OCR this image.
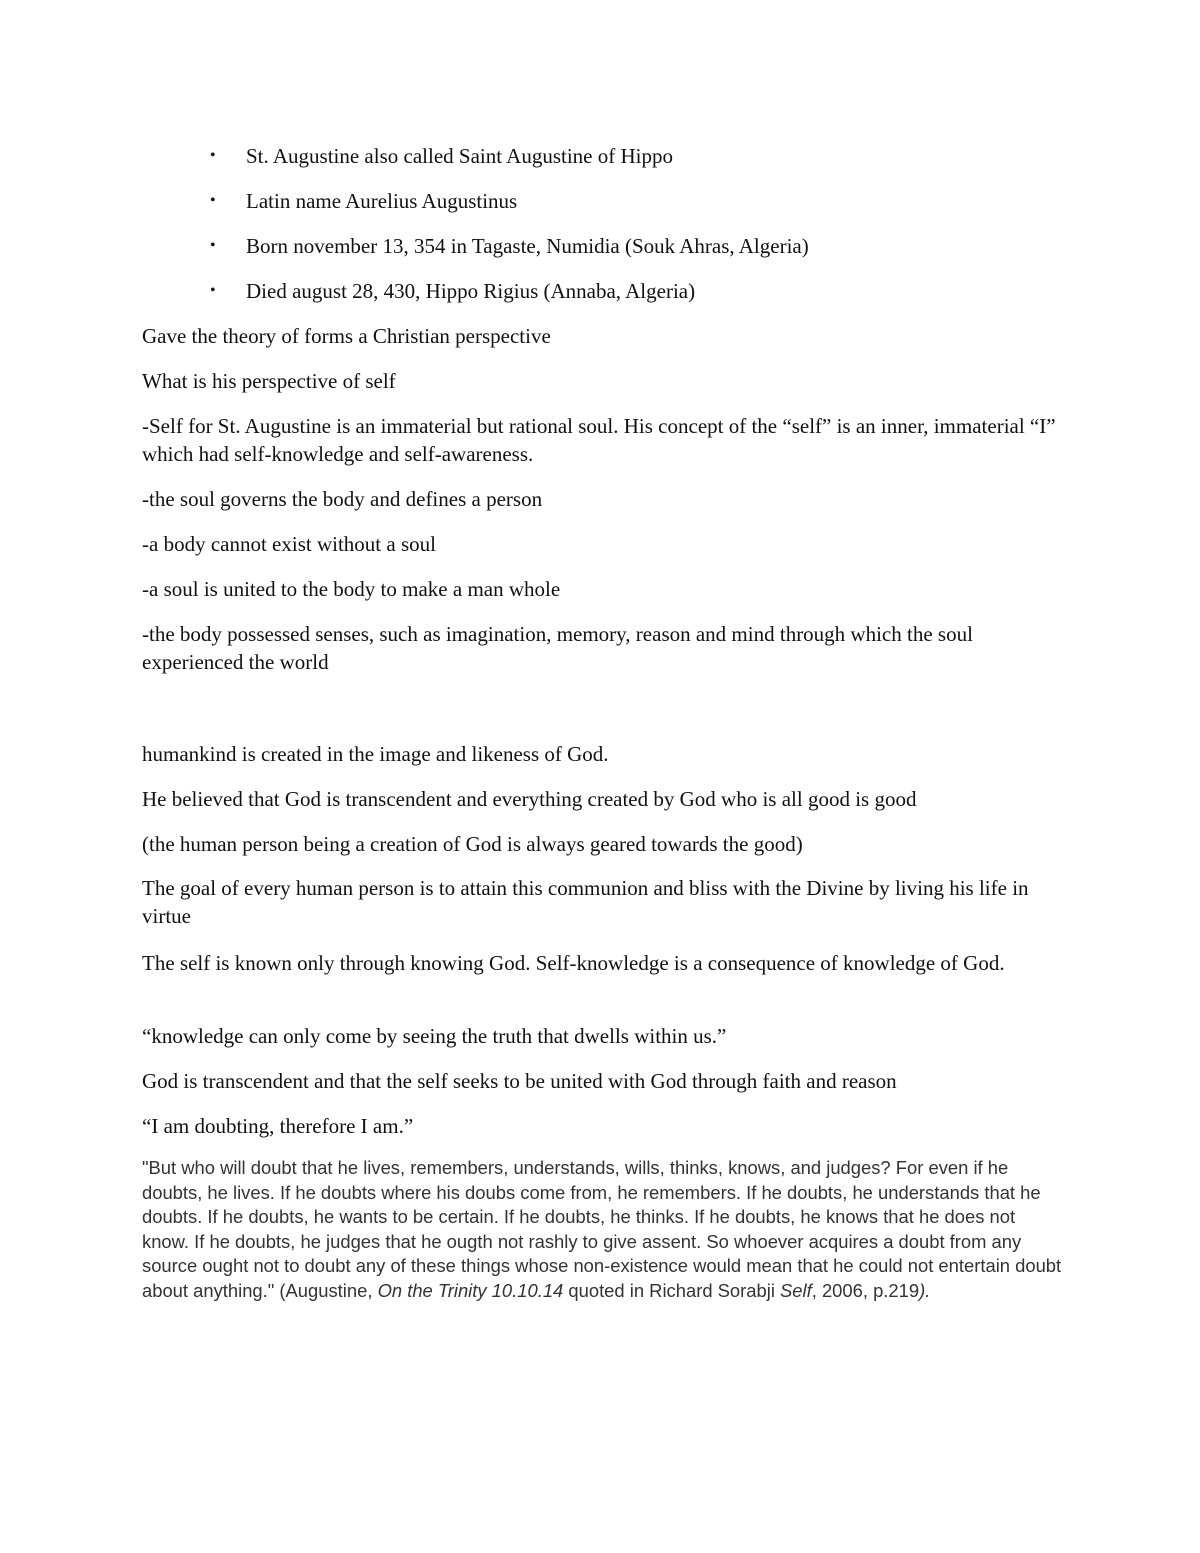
• St. Augustine also called Saint Augustine of Hippo
• Latin name Aurelius Augustinus
• Born november 13, 354 in Tagaste, Numidia (Souk Ahras, Algeria)
• Died august 28, 430, Hippo Rigius (Annaba, Algeria)

Gave the theory of forms a Christian perspective

What is his perspective of self

-Self for St. Augustine is an immaterial but rational soul. His concept of the “self” is an inner, immaterial “I” which had self-knowledge and self-awareness.

-the soul governs the body and defines a person

-a body cannot exist without a soul

-a soul is united to the body to make a man whole

-the body possessed senses, such as imagination, memory, reason and mind through which the soul experienced the world

humankind is created in the image and likeness of God.

He believed that God is transcendent and everything created by God who is all good is good

(the human person being a creation of God is always geared towards the good)

The goal of every human person is to attain this communion and bliss with the Divine by living his life in virtue

The self is known only through knowing God. Self-knowledge is a consequence of knowledge of God.

“knowledge can only come by seeing the truth that dwells within us.”

God is transcendent and that the self seeks to be united with God through faith and reason

“I am doubting, therefore I am.”

"But who will doubt that he lives, remembers, understands, wills, thinks, knows, and judges? For even if he doubts, he lives. If he doubts where his doubs come from, he remembers. If he doubts, he understands that he doubts. If he doubts, he wants to be certain. If he doubts, he thinks. If he doubts, he knows that he does not know. If he doubts, he judges that he ougth not rashly to give assent. So whoever acquires a doubt from any source ought not to doubt any of these things whose non-existence would mean that he could not entertain doubt about anything." (Augustine, On the Trinity 10.10.14 quoted in Richard Sorabji Self, 2006, p.219).
